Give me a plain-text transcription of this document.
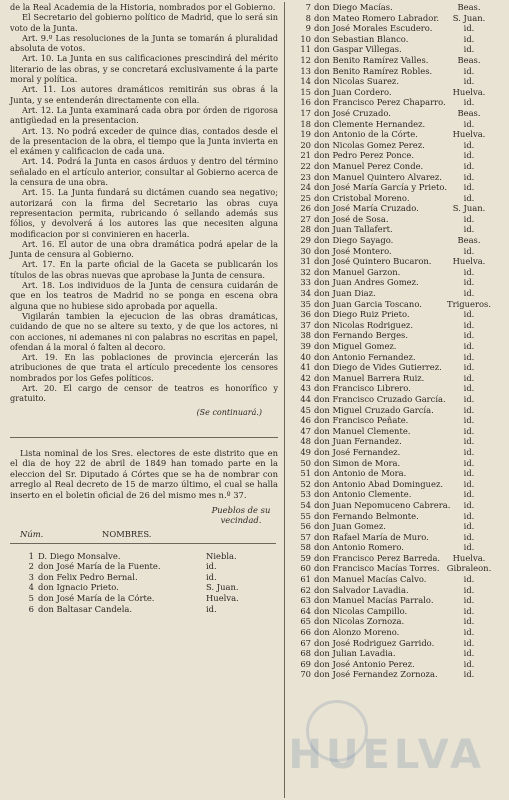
de la Real Academia de la Historia, nombrados por el Gobierno.

El Secretario del gobierno político de Madrid, que lo será sin voto de la Junta.

Art. 9.º Las resoluciones de la Junta se tomarán á pluralidad absoluta de votos.

Art. 10. La Junta en sus calificaciones prescindirá del mérito literario de las obras, y se concretará exclusivamente á la parte moral y política.

Art. 11. Los autores dramáticos remitirán sus obras á la Junta, y se entenderán directamente con ella.

Art. 12. La Junta examinará cada obra por órden de rigorosa antigüedad en la presentacion.

Art. 13. No podrá exceder de quince dias, contados desde el de la presentacion de la obra, el tiempo que la Junta invierta en el exámen y calificacion de cada una.

Art. 14. Podrá la Junta en casos árduos y dentro del término señalado en el artículo anterior, consultar al Gobierno acerca de la censura de una obra.

Art. 15. La Junta fundará su dictámen cuando sea negativo; autorizará con la firma del Secretario las obras cuya representacion permita, rubricando ó sellando además sus fólios, y devolverá á los autores las que necesiten alguna modificacion por si convinieren en hacerla.

Art. 16. El autor de una obra dramática podrá apelar de la Junta de censura al Gobierno.

Art. 17. En la parte oficial de la Gaceta se publicarán los títulos de las obras nuevas que aprobase la Junta de censura.

Art. 18. Los individuos de la Junta de censura cuidarán de que en los teatros de Madrid no se ponga en escena obra alguna que no hubiese sido aprobada por aquella.

Vigilarán tambien la ejecucion de las obras dramáticas, cuidando de que no se altere su texto, y de que los actores, ni con acciones, ni ademanes ni con palabras no escritas en papel, ofendan á la moral ó falten al decoro.

Art. 19. En las poblaciones de provincia ejercerán las atribuciones de que trata el artículo precedente los censores nombrados por los Gefes políticos.

Art. 20. El cargo de censor de teatros es honorífico y gratuito.

(Se continuará.)
Lista nominal de los Sres. electores de este distrito que en el dia de hoy 22 de abril de 1849 han tomado parte en la eleccion del Sr. Diputado á Córtes que se ha de nombrar con arreglo al Real decreto de 15 de marzo último, el cual se halla inserto en el boletin oficial de 26 del mismo mes n.º 37.
Núm.	NOMBRES.
Pueblos de su vecindad.
1 D. Diego Monsalve.	Niebla.
2 don José María de la Fuente.	id.
3 don Felix Pedro Bernal.	id.
4 don Ignacio Prieto.	S. Juan.
5 don José María de la Córte.	Huelva.
6 don Baltasar Candela.	id.
7 don Diego Macías.	Beas.
8 don Mateo Romero Labrador.	S. Juan.
9 don José Morales Escudero.	id.
10 don Sebastian Blanco.	id.
11 don Gaspar Villegas.	id.
12 don Benito Ramírez Valles.	Beas.
13 don Benito Ramírez Robles.	id.
14 don Nicolas Suarez.	id.
15 don Juan Cordero.	Huelva.
16 don Francisco Perez Chaparro.	id.
17 don José Cruzado.	Beas.
18 don Clemente Hernandez.	id.
19 don Antonio de la Córte.	Huelva.
20 don Nicolas Gomez Perez.	id.
21 don Pedro Perez Ponce.	id.
22 don Manuel Perez Conde.	id.
23 don Manuel Quintero Alvarez.	id.
24 don José María García y Prieto.	id.
25 don Cristobal Moreno.	id.
26 don José María Cruzado.	S. Juan.
27 don José de Sosa.	id.
28 don Juan Tallafert.	id.
29 don Diego Sayago.	Beas.
30 don José Montero.	id.
31 don José Quintero Bucaron.	Huelva.
32 don Manuel Garzon.	id.
33 don Juan Andres Gomez.	id.
34 don Juan Diaz.	id.
35 don Juan Garcia Toscano.	Trigueros.
36 don Diego Ruiz Prieto.	id.
37 don Nicolas Rodriguez.	id.
38 don Fernando Berges.	id.
39 don Miguel Gomez.	id.
40 don Antonio Fernandez.	id.
41 don Diego de Vides Gutierrez.	id.
42 don Manuel Barrera Ruiz.	id.
43 don Francisco Librero.	id.
44 don Francisco Cruzado García.	id.
45 don Miguel Cruzado García.	id.
46 don Francisco Peñate.	id.
47 don Manuel Clemente.	id.
48 don Juan Fernandez.	id.
49 don José Fernandez.	id.
50 don Simon de Mora.	id.
51 don Antonio de Mora.	id.
52 don Antonio Abad Dominguez.	id.
53 don Antonio Clemente.	id.
54 don Juan Nepomuceno Cabrera.	id.
55 don Fernando Belmonte.	id.
56 don Juan Gomez.	id.
57 don Rafael María de Muro.	id.
58 don Antonio Romero.	id.
59 don Francisco Perez Barreda.	Huelva.
60 don Francisco Macías Torres. Gibraleon.
61 don Manuel Macías Calvo.	id.
62 don Salvador Lavadia.	id.
63 don Manuel Macías Parralo.	id.
64 don Nicolas Campillo.	id.
65 don Nicolas Zornoza.	id.
66 don Alonzo Moreno.	id.
67 don José Rodriguez Garrido.	id.
68 don Julian Lavadia.	id.
69 don José Antonio Perez.	id.
70 don José Fernandez Zornoza.	id.
HUELVA
